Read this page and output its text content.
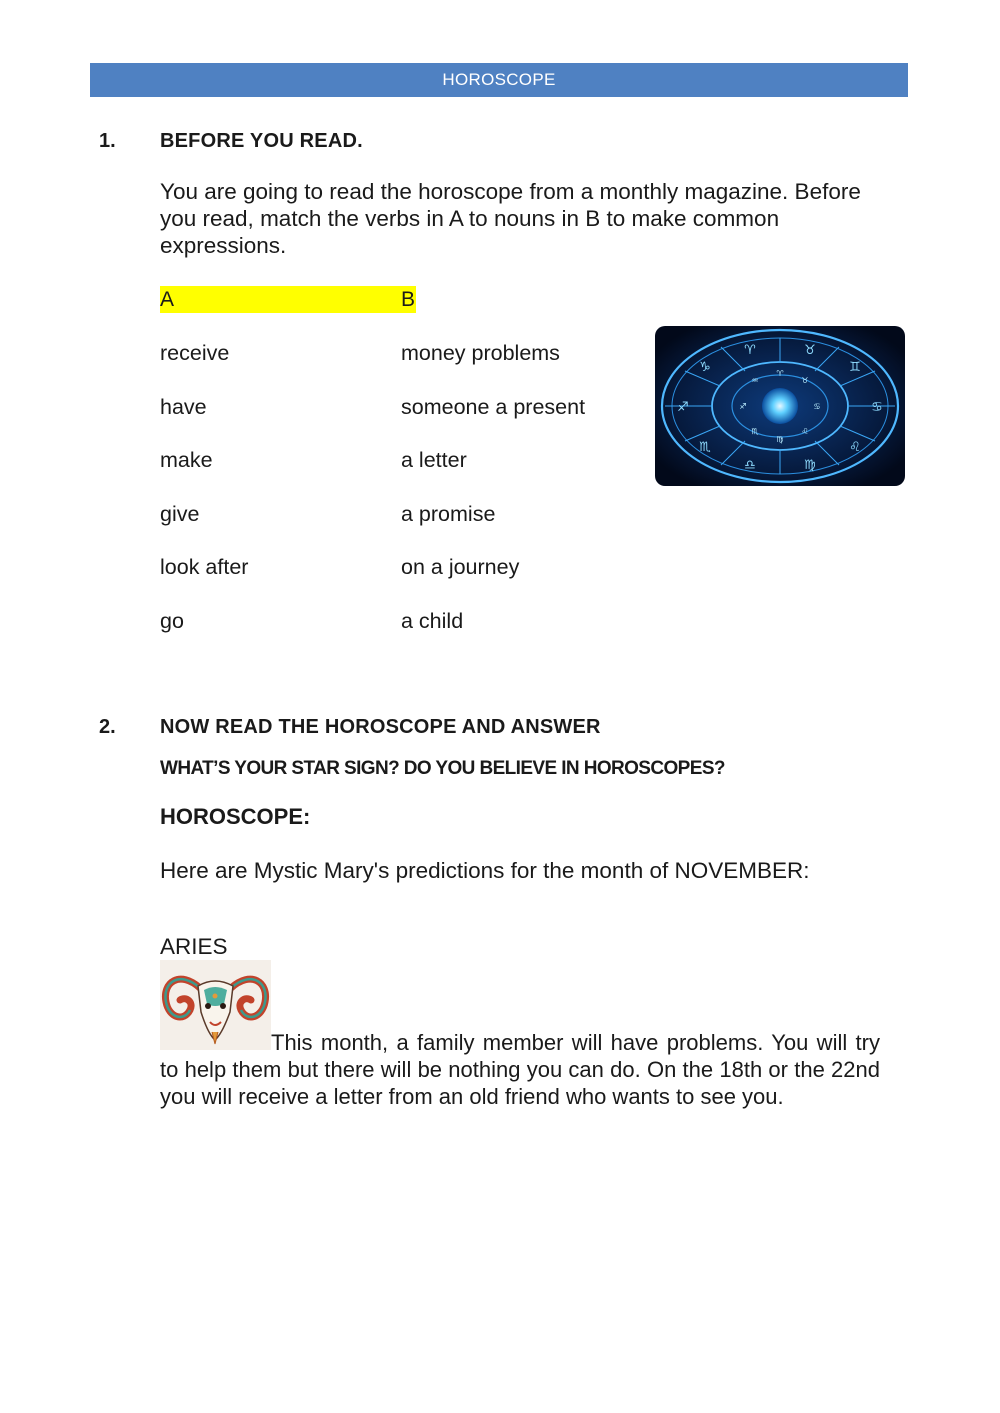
HOROSCOPE
1. BEFORE YOU READ.
You are going to read the horoscope from a monthly magazine. Before you read, match the verbs in A to nouns in B to make common expressions.
A	B
receive	money problems
have	someone a present
make	a letter
give	a promise
look after	on a journey
go	a child
♈	♉
♊
♋
♌
♍
♎
♏
♐
♑	♈
♉
♋
♌
♍
♏
♐
♒
2. NOW READ THE HOROSCOPE AND ANSWER
WHAT’S YOUR STAR SIGN? DO YOU BELIEVE IN HOROSCOPES?
HOROSCOPE:
Here are Mystic Mary's predictions for the month of NOVEMBER:
ARIES
This month, a family member will have problems. You will try to help them but there will be nothing you can do. On the 18th or the 22nd you will receive a letter from an old friend who wants to see you.
